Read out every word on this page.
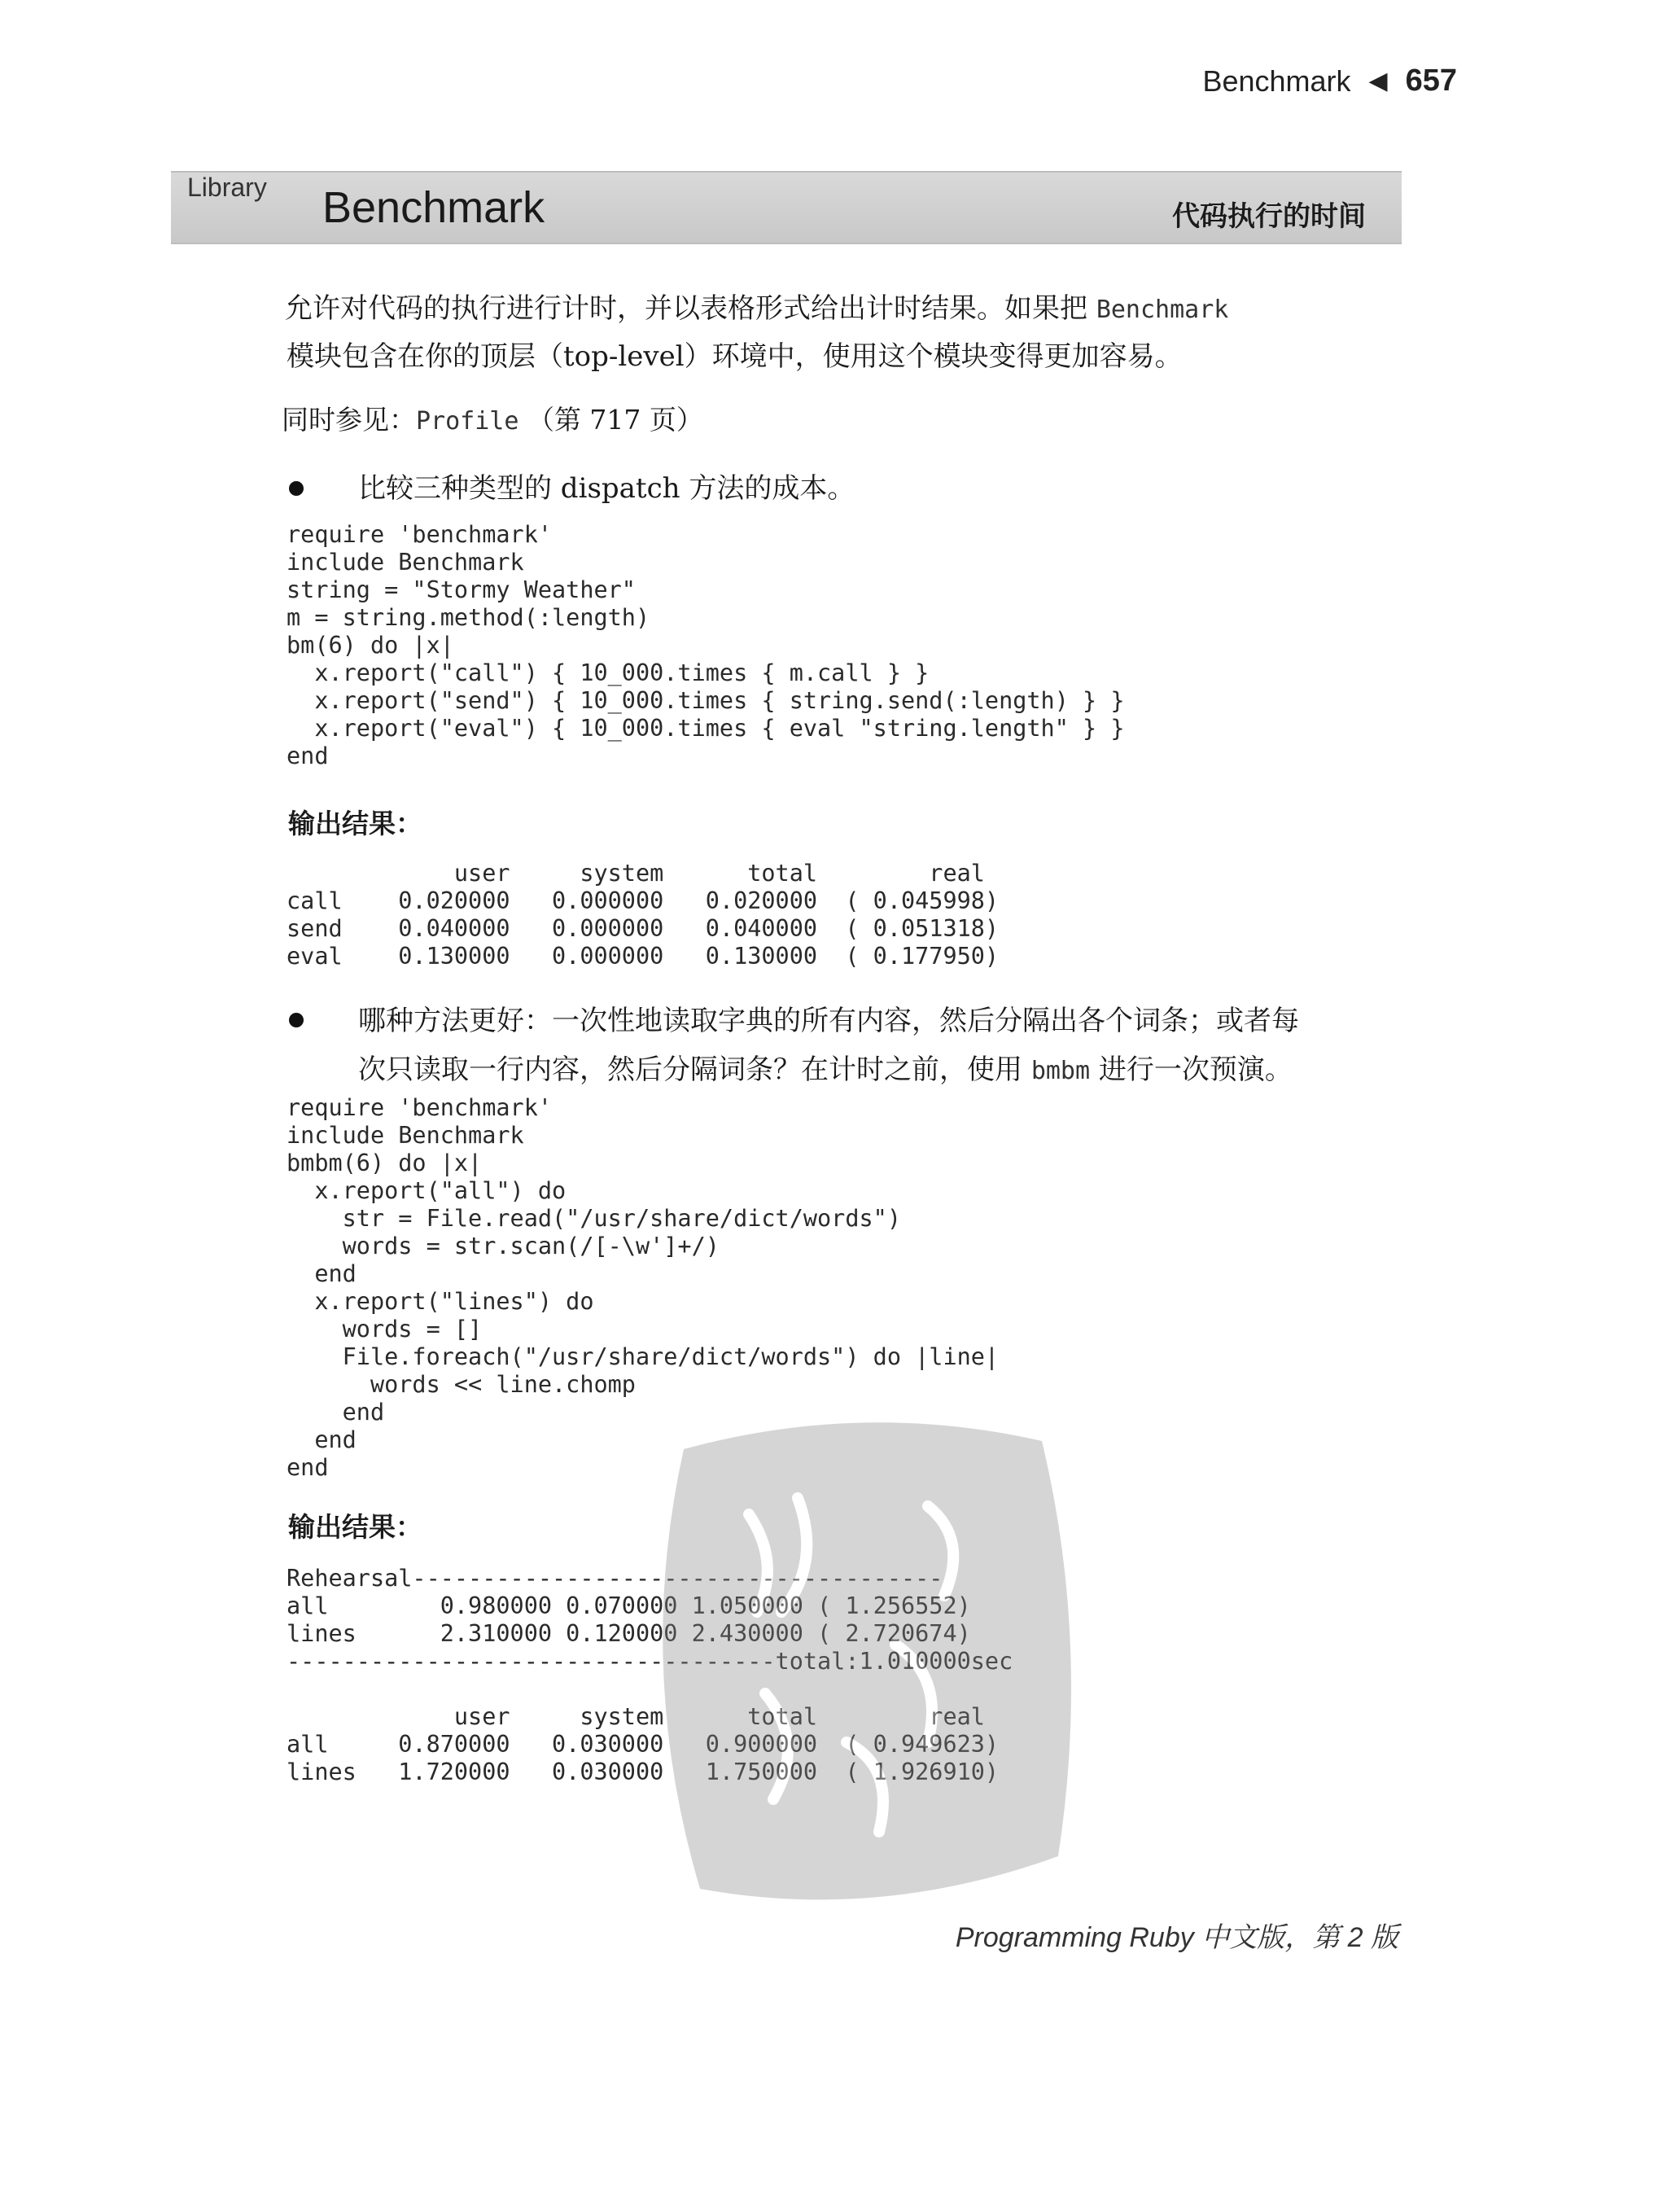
Benchmark ◀ 657
Library Benchmark	代码执行的时间
允许对代码的执行进行计时，并以表格形式给出计时结果。如果把 Benchmark
模块包含在你的顶层（top-level）环境中，使用这个模块变得更加容易。
同时参见：Profile （第 717 页）
比较三种类型的 dispatch 方法的成本。
require 'benchmark'
include Benchmark
string = "Stormy Weather"
m = string.method(:length)
bm(6) do |x|
x.report("call") { 10_000.times { m.call } }
x.report("send") { 10_000.times { string.send(:length) } }
x.report("eval") { 10_000.times { eval "string.length" } }
end
输出结果：
user     system      total        real
call    0.020000   0.000000   0.020000  ( 0.045998)
send    0.040000   0.000000   0.040000  ( 0.051318)
eval    0.130000   0.000000   0.130000  ( 0.177950)
哪种方法更好：一次性地读取字典的所有内容，然后分隔出各个词条；或者每
次只读取一行内容，然后分隔词条？在计时之前，使用 bmbm 进行一次预演。
require 'benchmark'
include Benchmark
bmbm(6) do |x|
x.report("all") do
str = File.read("/usr/share/dict/words")
words = str.scan(/[-\w']+/)
end
x.report("lines") do
words = []
File.foreach("/usr/share/dict/words") do |line|
words << line.chomp
end
end
end
输出结果：
Rehearsal--------------------------------------
all        0.980000 0.070000 1.050000 ( 1.256552)
lines      2.310000 0.120000 2.430000 ( 2.720674)
-----------------------------------total:1.010000sec

user     system      total        real
all     0.870000   0.030000   0.900000  ( 0.949623)
lines   1.720000   0.030000   1.750000  ( 1.926910)
Programming Ruby 中文版，第 2 版
